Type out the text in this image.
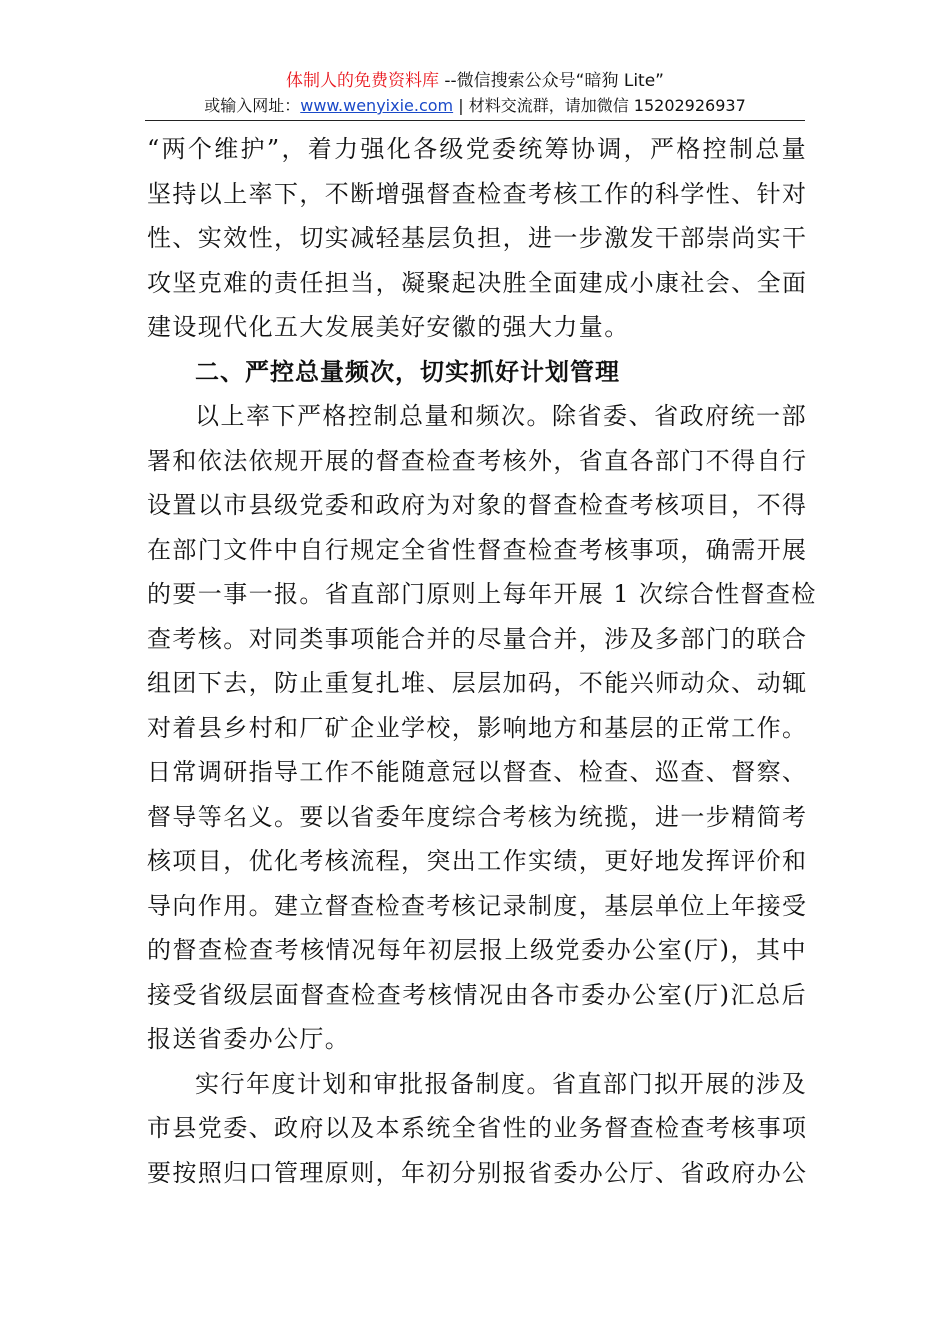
体制人的免费资料库 --微信搜索公众号“暗狗 Lite”
或输入网址：www.wenyixie.com | 材料交流群，请加微信 15202926937
“两个维护”，着力强化各级党委统筹协调，严格控制总量
坚持以上率下，不断增强督查检查考核工作的科学性、针对
性、实效性，切实减轻基层负担，进一步激发干部崇尚实干
攻坚克难的责任担当，凝聚起决胜全面建成小康社会、全面
建设现代化五大发展美好安徽的强大力量。
二、严控总量频次，切实抓好计划管理
以上率下严格控制总量和频次。除省委、省政府统一部
署和依法依规开展的督查检查考核外，省直各部门不得自行
设置以市县级党委和政府为对象的督查检查考核项目，不得
在部门文件中自行规定全省性督查检查考核事项，确需开展
的要一事一报。省直部门原则上每年开展 1 次综合性督查检
查考核。对同类事项能合并的尽量合并，涉及多部门的联合
组团下去，防止重复扎堆、层层加码，不能兴师动众、动辄
对着县乡村和厂矿企业学校，影响地方和基层的正常工作。
日常调研指导工作不能随意冠以督查、检查、巡查、督察、
督导等名义。要以省委年度综合考核为统揽，进一步精简考
核项目，优化考核流程，突出工作实绩，更好地发挥评价和
导向作用。建立督查检查考核记录制度，基层单位上年接受
的督查检查考核情况每年初层报上级党委办公室(厅)，其中
接受省级层面督查检查考核情况由各市委办公室(厅)汇总后
报送省委办公厅。
实行年度计划和审批报备制度。省直部门拟开展的涉及
市县党委、政府以及本系统全省性的业务督查检查考核事项
要按照归口管理原则，年初分别报省委办公厅、省政府办公
